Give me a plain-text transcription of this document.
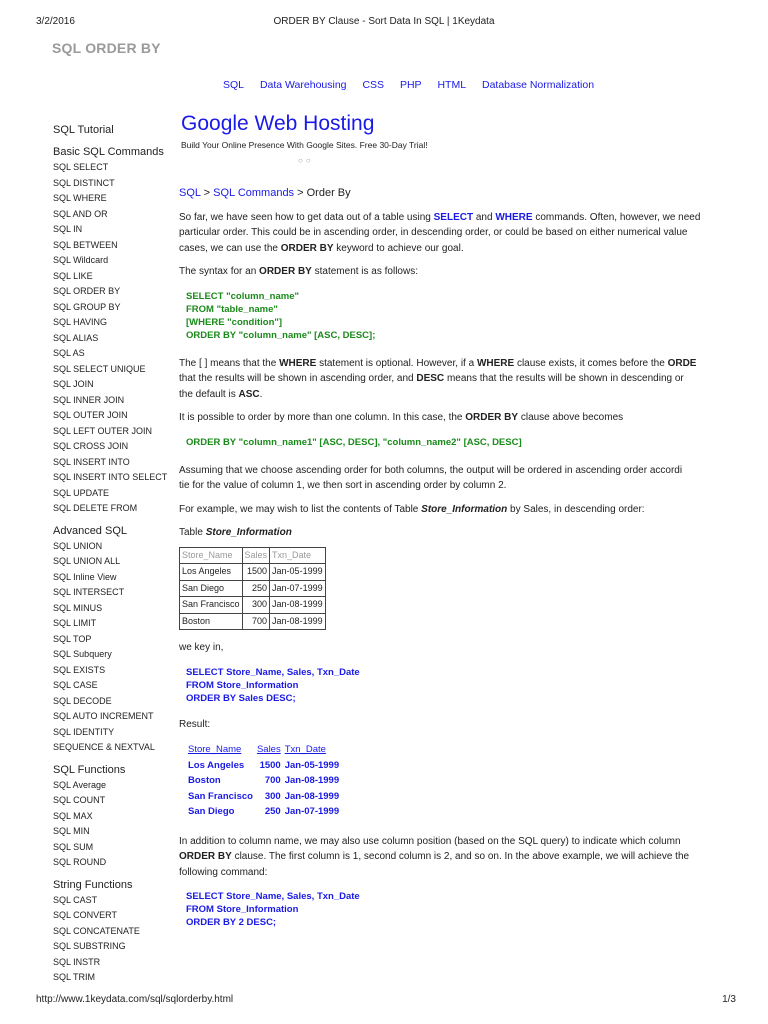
3/2/2016	ORDER BY Clause - Sort Data In SQL | 1Keydata
SQL ORDER BY
SQL Data Warehousing CSS PHP HTML Database Normalization
SQL Tutorial
Basic SQL Commands
SQL SELECT
SQL DISTINCT
SQL WHERE
SQL AND OR
SQL IN
SQL BETWEEN
SQL Wildcard
SQL LIKE
SQL ORDER BY
SQL GROUP BY
SQL HAVING
SQL ALIAS
SQL AS
SQL SELECT UNIQUE
SQL JOIN
SQL INNER JOIN
SQL OUTER JOIN
SQL LEFT OUTER JOIN
SQL CROSS JOIN
SQL INSERT INTO
SQL INSERT INTO SELECT
SQL UPDATE
SQL DELETE FROM
Advanced SQL
SQL UNION
SQL UNION ALL
SQL Inline View
SQL INTERSECT
SQL MINUS
SQL LIMIT
SQL TOP
SQL Subquery
SQL EXISTS
SQL CASE
SQL DECODE
SQL AUTO INCREMENT
SQL IDENTITY
SEQUENCE & NEXTVAL
SQL Functions
SQL Average
SQL COUNT
SQL MAX
SQL MIN
SQL SUM
SQL ROUND
String Functions
SQL CAST
SQL CONVERT
SQL CONCATENATE
SQL SUBSTRING
SQL INSTR
SQL TRIM
Google Web Hosting
Build Your Online Presence With Google Sites. Free 30-Day Trial!
○○

SQL > SQL Commands > Order By

So far, we have seen how to get data out of a table using SELECT and WHERE commands. Often, however, we need

particular order. This could be in ascending order, in descending order, or could be based on either numerical value

cases, we can use the ORDER BY keyword to achieve our goal.

The syntax for an ORDER BY statement is as follows:

SELECT "column_name"

FROM "table_name"

[WHERE "condition"]

ORDER BY "column_name" [ASC, DESC];

The [ ] means that the WHERE statement is optional. However, if a WHERE clause exists, it comes before the ORDE

that the results will be shown in ascending order, and DESC means that the results will be shown in descending or

the default is ASC.

It is possible to order by more than one column. In this case, the ORDER BY clause above becomes

ORDER BY "column_name1" [ASC, DESC], "column_name2" [ASC, DESC]

Assuming that we choose ascending order for both columns, the output will be ordered in ascending order accordi

tie for the value of column 1, we then sort in ascending order by column 2.

For example, we may wish to list the contents of Table Store_Information by Sales, in descending order:

Table Store_Information

Store_Name	Sales	Txn_Date
Los Angeles	1500	Jan-05-1999
San Diego	250	Jan-07-1999
San Francisco	300	Jan-08-1999
Boston	700	Jan-08-1999

we key in,

SELECT Store_Name, Sales, Txn_Date

FROM Store_Information

ORDER BY Sales DESC;

Result:

Store_Name	Sales	Txn_Date
Los Angeles	1500	Jan-05-1999
Boston	700	Jan-08-1999
San Francisco	300	Jan-08-1999
San Diego	250	Jan-07-1999

In addition to column name, we may also use column position (based on the SQL query) to indicate which column

ORDER BY clause. The first column is 1, second column is 2, and so on. In the above example, we will achieve the

following command:

SELECT Store_Name, Sales, Txn_Date

FROM Store_Information

ORDER BY 2 DESC;

http://www.1keydata.com/sql/sqlorderby.html	1/3
